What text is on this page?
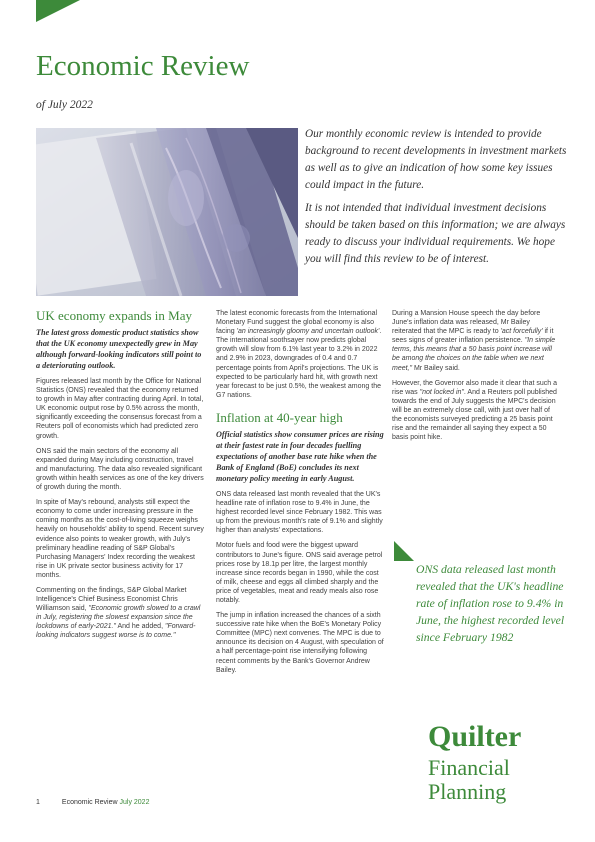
Economic Review
of July 2022

Our monthly economic review is intended to provide background to recent developments in investment markets as well as to give an indication of how some key issues could impact in the future.

It is not intended that individual investment decisions should be taken based on this information; we are always ready to discuss your individual requirements. We hope you will find this review to be of interest.

UK economy expands in May

The latest gross domestic product statistics show that the UK economy unexpectedly grew in May although forward-looking indicators still point to a deteriorating outlook.

Figures released last month by the Office for National Statistics (ONS) revealed that the economy returned to growth in May after contracting during April. In total, UK economic output rose by 0.5% across the month, significantly exceeding the consensus forecast from a Reuters poll of economists which had predicted zero growth.

ONS said the main sectors of the economy all expanded during May including construction, travel and manufacturing. The data also revealed significant growth within health services as one of the key drivers of growth during the month.

In spite of May's rebound, analysts still expect the economy to come under increasing pressure in the coming months as the cost-of-living squeeze weighs heavily on households' ability to spend. Recent survey evidence also points to weaker growth, with July's preliminary headline reading of S&P Global's Purchasing Managers' Index recording the weakest rise in UK private sector business activity for 17 months.

Commenting on the findings, S&P Global Market Intelligence's Chief Business Economist Chris Williamson said, "Economic growth slowed to a crawl in July, registering the slowest expansion since the lockdowns of early-2021." And he added, "Forward-looking indicators suggest worse is to come."

The latest economic forecasts from the International Monetary Fund suggest the global economy is also facing 'an increasingly gloomy and uncertain outlook'. The international soothsayer now predicts global growth will slow from 6.1% last year to 3.2% in 2022 and 2.9% in 2023, downgrades of 0.4 and 0.7 percentage points from April's projections. The UK is expected to be particularly hard hit, with growth next year forecast to be just 0.5%, the weakest among the G7 nations.

Inflation at 40-year high

Official statistics show consumer prices are rising at their fastest rate in four decades fuelling expectations of another base rate hike when the Bank of England (BoE) concludes its next monetary policy meeting in early August.

ONS data released last month revealed that the UK's headline rate of inflation rose to 9.4% in June, the highest recorded level since February 1982. This was up from the previous month's rate of 9.1% and slightly higher than analysts' expectations.

Motor fuels and food were the biggest upward contributors to June's figure. ONS said average petrol prices rose by 18.1p per litre, the largest monthly increase since records began in 1990, while the cost of milk, cheese and eggs all climbed sharply and the price of vegetables, meat and ready meals also rose notably.

The jump in inflation increased the chances of a sixth successive rate hike when the BoE's Monetary Policy Committee (MPC) next convenes. The MPC is due to announce its decision on 4 August, with speculation of a half percentage-point rise intensifying following recent comments by the Bank's Governor Andrew Bailey.

During a Mansion House speech the day before June's inflation data was released, Mr Bailey reiterated that the MPC is ready to 'act forcefully' if it sees signs of greater inflation persistence. "In simple terms, this means that a 50 basis point increase will be among the choices on the table when we next meet," Mr Bailey said.

However, the Governor also made it clear that such a rise was "not locked in". And a Reuters poll published towards the end of July suggests the MPC's decision will be an extremely close call, with just over half of the economists surveyed predicting a 25 basis point rise and the remainder all saying they expect a 50 basis point hike.

ONS data released last month revealed that the UK's headline rate of inflation rose to 9.4% in June, the highest recorded level since February 1982
Quilter
Financial
Planning
1	Economic Review July 2022
